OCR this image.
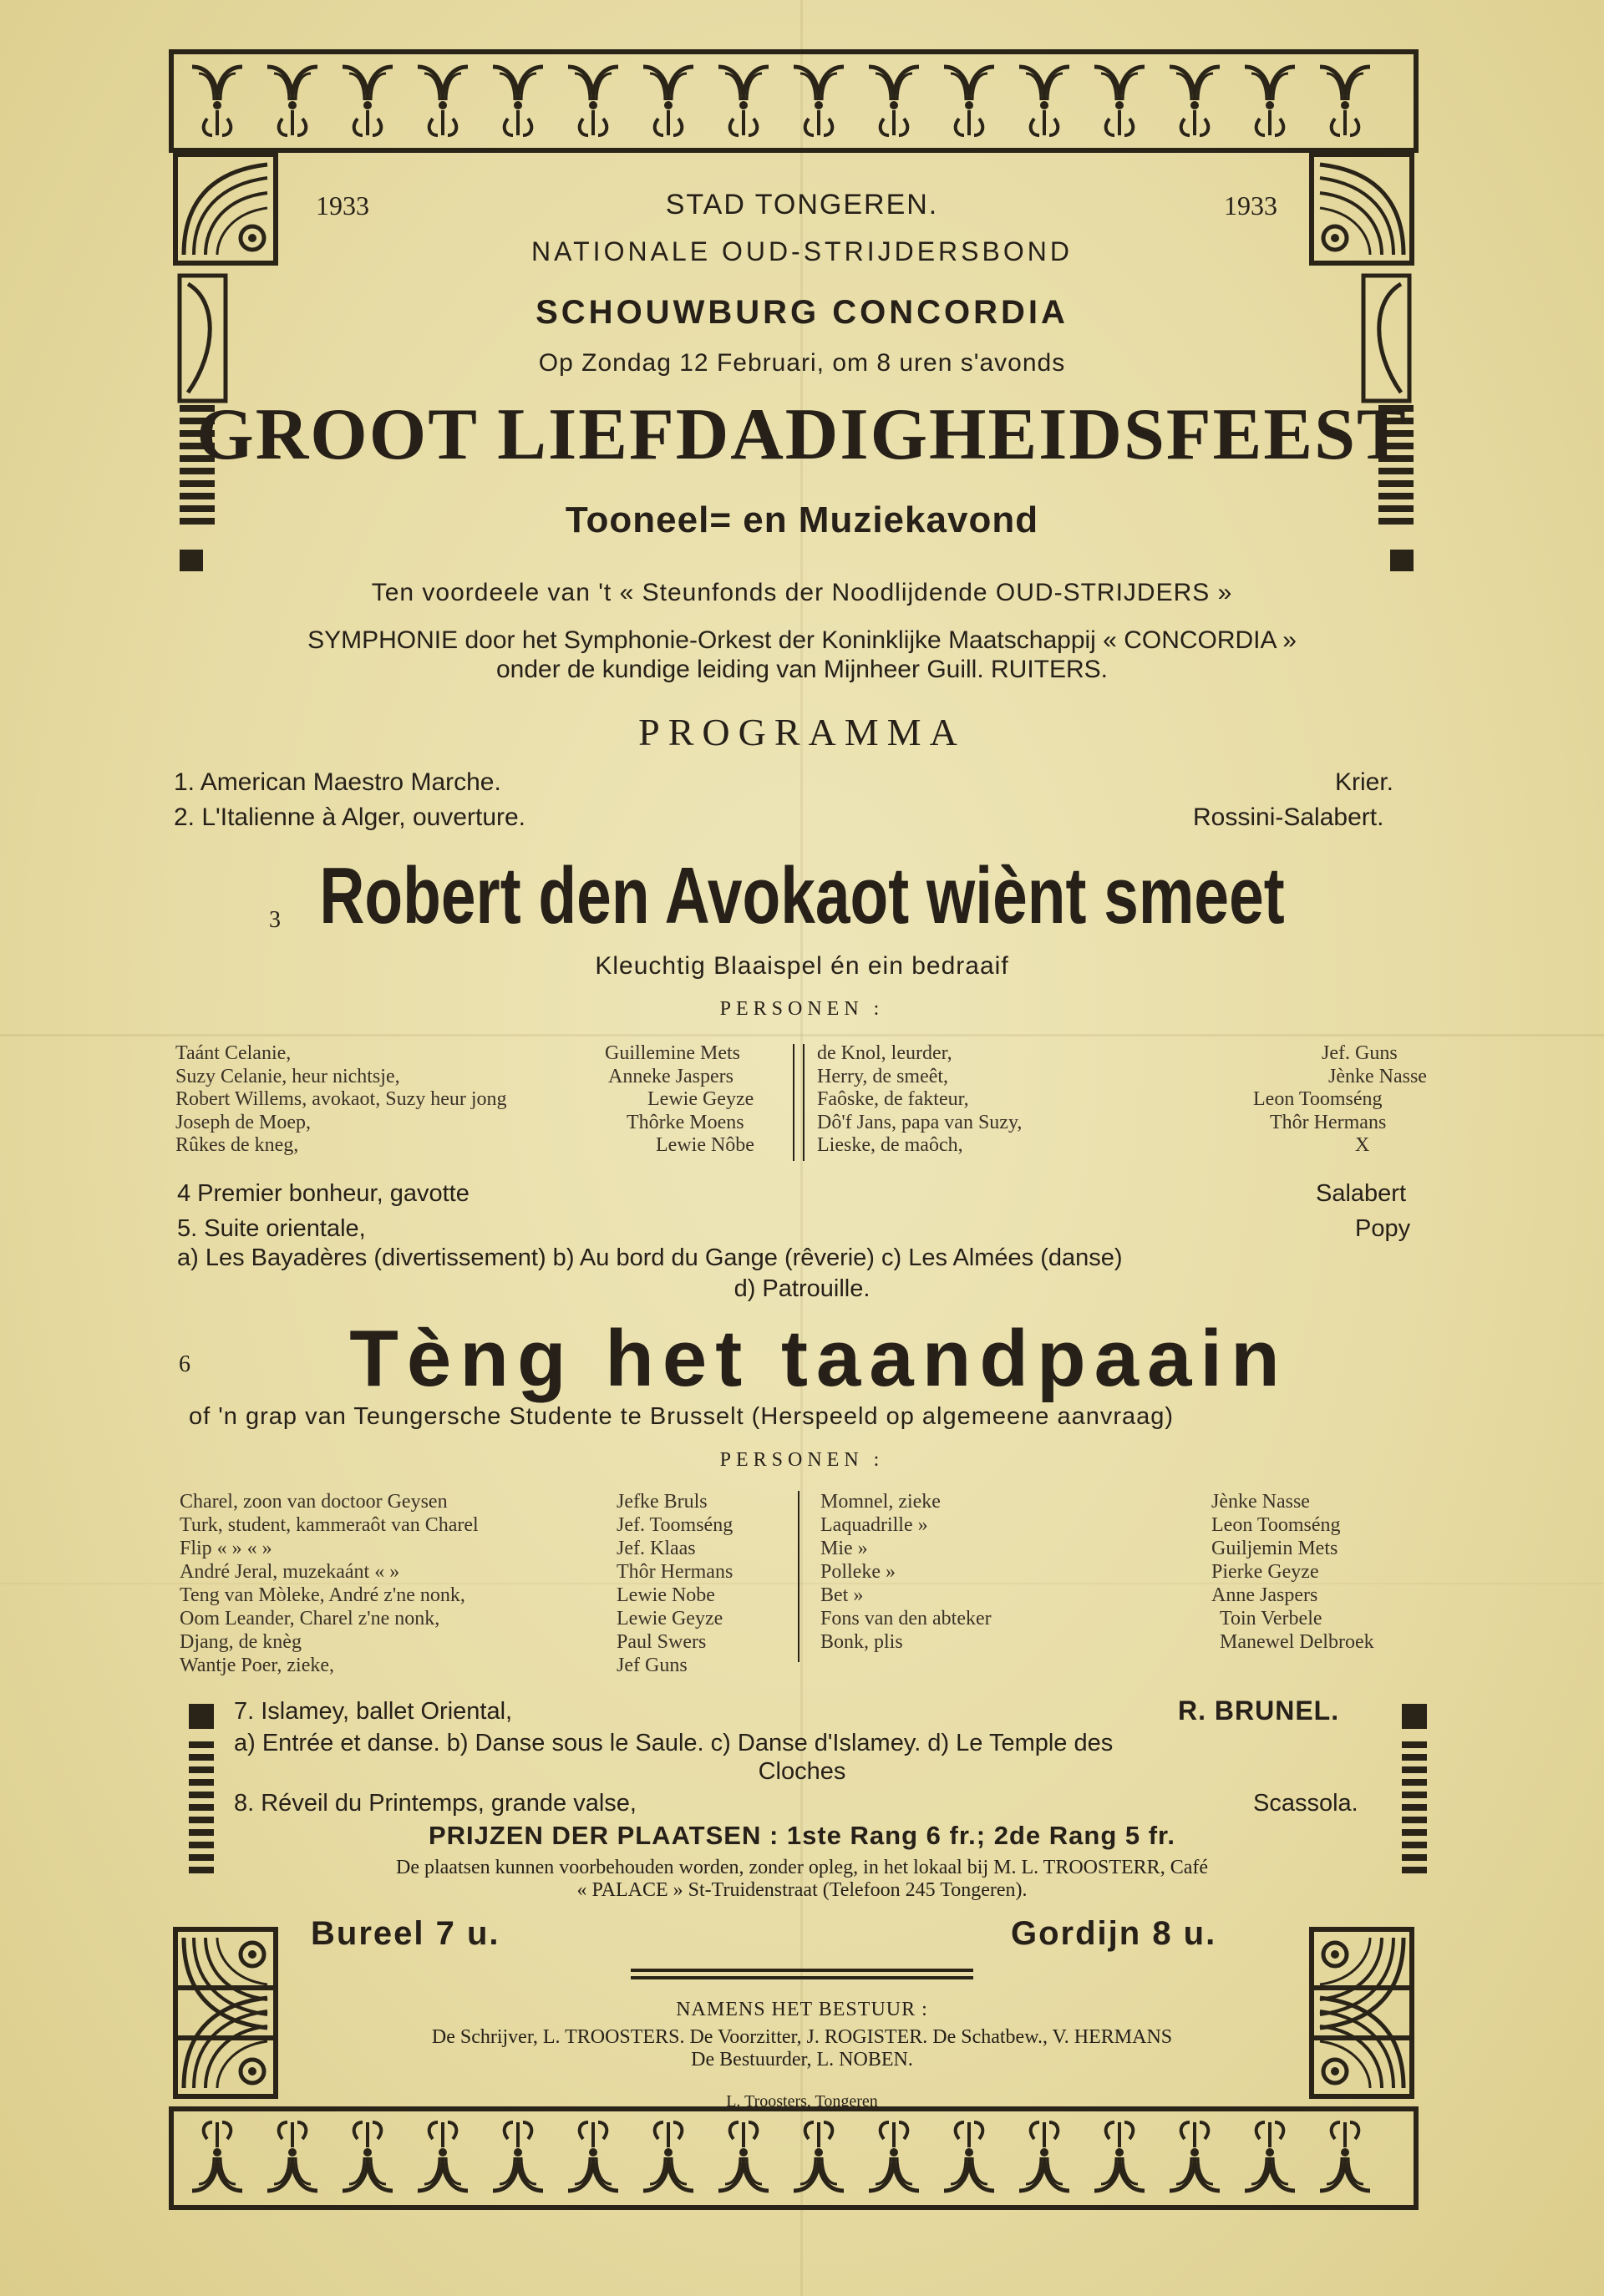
1933	1933
STAD TONGEREN.
NATIONALE OUD-STRIJDERSBOND
SCHOUWBURG CONCORDIA
Op Zondag 12 Februari, om 8 uren s'avonds
GROOT LIEFDADIGHEIDSFEEST
Tooneel= en Muziekavond
Ten voordeele van 't « Steunfonds der Noodlijdende OUD-STRIJDERS »
SYMPHONIE door het Symphonie-Orkest der Koninklijke Maatschappij « CONCORDIA »
onder de kundige leiding van Mijnheer Guill. RUITERS.
PROGRAMMA
1. American Maestro Marche.	Krier.
2. L'Italienne à Alger, ouverture.	Rossini-Salabert.
3 Robert den Avokaot wiènt smeet
Kleuchtig Blaaispel én ein bedraaif
PERSONEN :
Taánt Celanie,	Guillemine Mets
Suzy Celanie, heur nichtsje,	Anneke Jaspers
Robert Willems, avokaot, Suzy heur jong	Lewie Geyze
Joseph de Moep,	Thôrke Moens
Rûkes de kneg,	Lewie Nôbe
de Knol, leurder,	Jef. Guns
Herry, de smeêt,	Jènke Nasse
Faôske, de fakteur,	Leon Toomséng
Dô'f Jans, papa van Suzy,	Thôr Hermans
Lieske, de maôch,	X
4 Premier bonheur, gavotte	Salabert
5. Suite orientale,	Popy
a) Les Bayadères (divertissement) b) Au bord du Gange (rêverie) c) Les Almées (danse)
d) Patrouille.
6	Tèng het taandpaain
of 'n grap van Teungersche Studente te Brusselt (Herspeeld op algemeene aanvraag)
PERSONEN :
Charel, zoon van doctoor Geysen	Jefke Bruls
Turk, student, kammeraôt van Charel	Jef. Toomséng
Flip « » « »	Jef. Klaas
André Jeral, muzekaánt « »	Thôr Hermans
Teng van Mòleke, André z'ne nonk,	Lewie Nobe
Oom Leander, Charel z'ne nonk,	Lewie Geyze
Djang, de knèg	Paul Swers
Wantje Poer, zieke,	Jef Guns
Momnel, zieke	Jènke Nasse
Laquadrille »	Leon Toomséng
Mie »	Guiljemin Mets
Polleke »	Pierke Geyze
Bet »	Anne Jaspers
Fons van den abteker	Toin Verbele
Bonk, plis	Manewel Delbroek
7. Islamey, ballet Oriental,	R. BRUNEL.
a) Entrée et danse. b) Danse sous le Saule. c) Danse d'Islamey. d) Le Temple des
Cloches
8. Réveil du Printemps, grande valse,	Scassola.
PRIJZEN DER PLAATSEN : 1ste Rang 6 fr.; 2de Rang 5 fr.
De plaatsen kunnen voorbehouden worden, zonder opleg, in het lokaal bij M. L. TROOSTERR, Café
« PALACE » St-Truidenstraat (Telefoon 245 Tongeren).
Bureel 7 u.	Gordijn 8 u.
NAMENS HET BESTUUR :
De Schrijver, L. TROOSTERS. De Voorzitter, J. ROGISTER. De Schatbew., V. HERMANS
De Bestuurder, L. NOBEN.
L. Troosters, Tongeren
